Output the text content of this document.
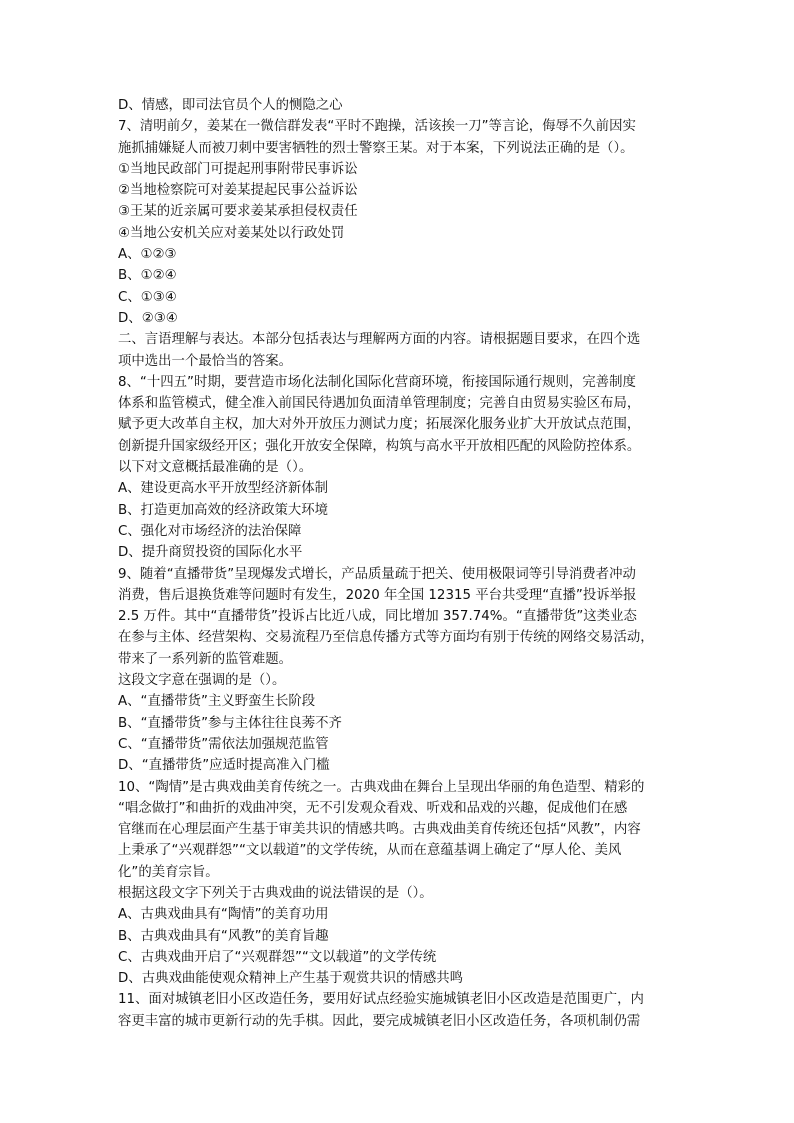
D、情感，即司法官员个人的恻隐之心
7、清明前夕，姜某在一微信群发表“平时不跑操，活该挨一刀”等言论，侮辱不久前因实
施抓捕嫌疑人而被刀刺中要害牺牲的烈士警察王某。对于本案，下列说法正确的是（）。
①当地民政部门可提起刑事附带民事诉讼
②当地检察院可对姜某提起民事公益诉讼
③王某的近亲属可要求姜某承担侵权责任
④当地公安机关应对姜某处以行政处罚
A、①②③
B、①②④
C、①③④
D、②③④
二、言语理解与表达。本部分包括表达与理解两方面的内容。请根据题目要求，在四个选
项中选出一个最恰当的答案。
8、“十四五”时期，要营造市场化法制化国际化营商环境，衔接国际通行规则，完善制度
体系和监管模式，健全准入前国民待遇加负面清单管理制度；完善自由贸易实验区布局，
赋予更大改革自主权，加大对外开放压力测试力度；拓展深化服务业扩大开放试点范围，
创新提升国家级经开区；强化开放安全保障，构筑与高水平开放相匹配的风险防控体系。
以下对文意概括最准确的是（）。
A、建设更高水平开放型经济新体制
B、打造更加高效的经济政策大环境
C、强化对市场经济的法治保障
D、提升商贸投资的国际化水平
9、随着“直播带货”呈现爆发式增长，产品质量疏于把关、使用极限词等引导消费者冲动
消费，售后退换货难等问题时有发生，2020 年全国 12315 平台共受理“直播”投诉举报
2.5 万件。其中“直播带货”投诉占比近八成，同比增加 357.74%。“直播带货”这类业态
在参与主体、经营架构、交易流程乃至信息传播方式等方面均有别于传统的网络交易活动，
带来了一系列新的监管难题。
这段文字意在强调的是（）。
A、“直播带货”主义野蛮生长阶段
B、“直播带货”参与主体往往良莠不齐
C、“直播带货”需依法加强规范监管
D、“直播带货”应适时提高准入门槛
10、“陶情”是古典戏曲美育传统之一。古典戏曲在舞台上呈现出华丽的角色造型、精彩的
“唱念做打”和曲折的戏曲冲突，无不引发观众看戏、听戏和品戏的兴趣，促成他们在感
官继而在心理层面产生基于审美共识的情感共鸣。古典戏曲美育传统还包括“风教”，内容
上秉承了“兴观群怨”“文以载道”的文学传统，从而在意蕴基调上确定了“厚人伦、美风
化”的美育宗旨。
根据这段文字下列关于古典戏曲的说法错误的是（）。
A、古典戏曲具有“陶情”的美育功用
B、古典戏曲具有“风教”的美育旨趣
C、古典戏曲开启了“兴观群怨”“文以载道”的文学传统
D、古典戏曲能使观众精神上产生基于观赏共识的情感共鸣
11、面对城镇老旧小区改造任务，要用好试点经验实施城镇老旧小区改造是范围更广，内
容更丰富的城市更新行动的先手棋。因此，要完成城镇老旧小区改造任务，各项机制仍需
